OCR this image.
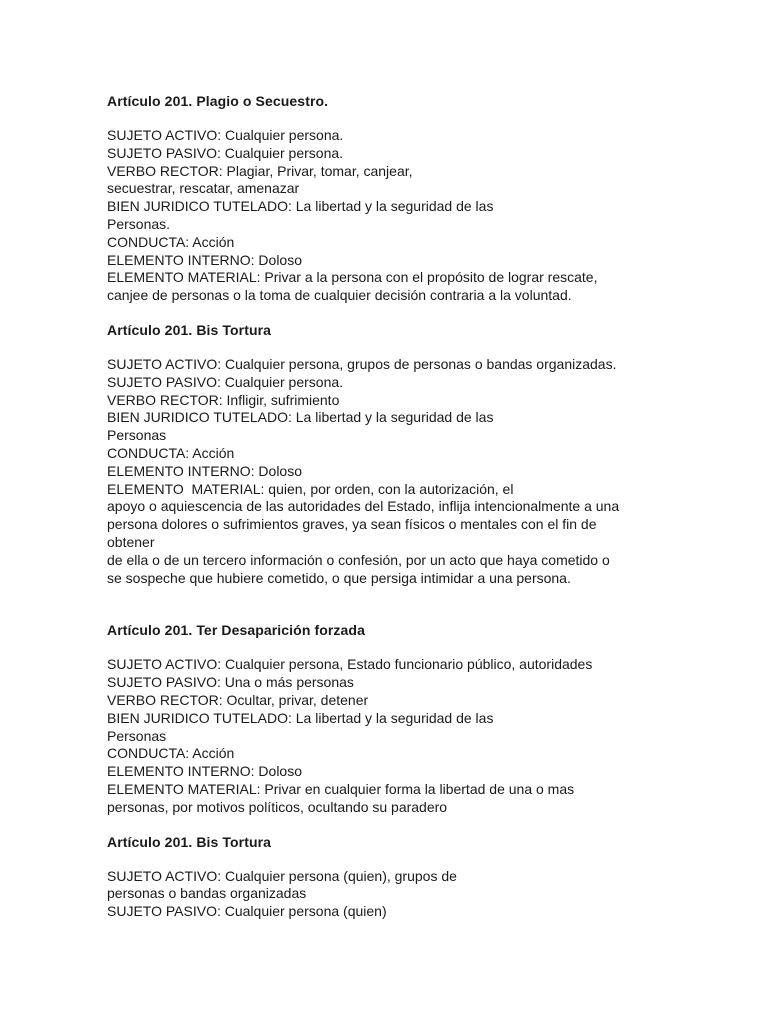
Artículo 201. Plagio o Secuestro.
SUJETO ACTIVO: Cualquier persona.
SUJETO PASIVO: Cualquier persona.
VERBO RECTOR: Plagiar, Privar, tomar, canjear,
secuestrar, rescatar, amenazar
BIEN JURIDICO TUTELADO: La libertad y la seguridad de las
Personas.
CONDUCTA: Acción
ELEMENTO INTERNO: Doloso
ELEMENTO MATERIAL: Privar a la persona con el propósito de lograr rescate,
canjee de personas o la toma de cualquier decisión contraria a la voluntad.
Artículo 201. Bis Tortura
SUJETO ACTIVO: Cualquier persona, grupos de personas o bandas organizadas.
SUJETO PASIVO: Cualquier persona.
VERBO RECTOR: Infligir, sufrimiento
BIEN JURIDICO TUTELADO: La libertad y la seguridad de las
Personas
CONDUCTA: Acción
ELEMENTO INTERNO: Doloso
ELEMENTO  MATERIAL: quien, por orden, con la autorización, el
apoyo o aquiescencia de las autoridades del Estado, inflija intencionalmente a una
persona dolores o sufrimientos graves, ya sean físicos o mentales con el fin de
obtener
de ella o de un tercero información o confesión, por un acto que haya cometido o
se sospeche que hubiere cometido, o que persiga intimidar a una persona.
Artículo 201. Ter Desaparición forzada
SUJETO ACTIVO: Cualquier persona, Estado funcionario público, autoridades
SUJETO PASIVO: Una o más personas
VERBO RECTOR: Ocultar, privar, detener
BIEN JURIDICO TUTELADO: La libertad y la seguridad de las
Personas
CONDUCTA: Acción
ELEMENTO INTERNO: Doloso
ELEMENTO MATERIAL: Privar en cualquier forma la libertad de una o mas
personas, por motivos políticos, ocultando su paradero
Artículo 201. Bis Tortura
SUJETO ACTIVO: Cualquier persona (quien), grupos de
personas o bandas organizadas
SUJETO PASIVO: Cualquier persona (quien)
